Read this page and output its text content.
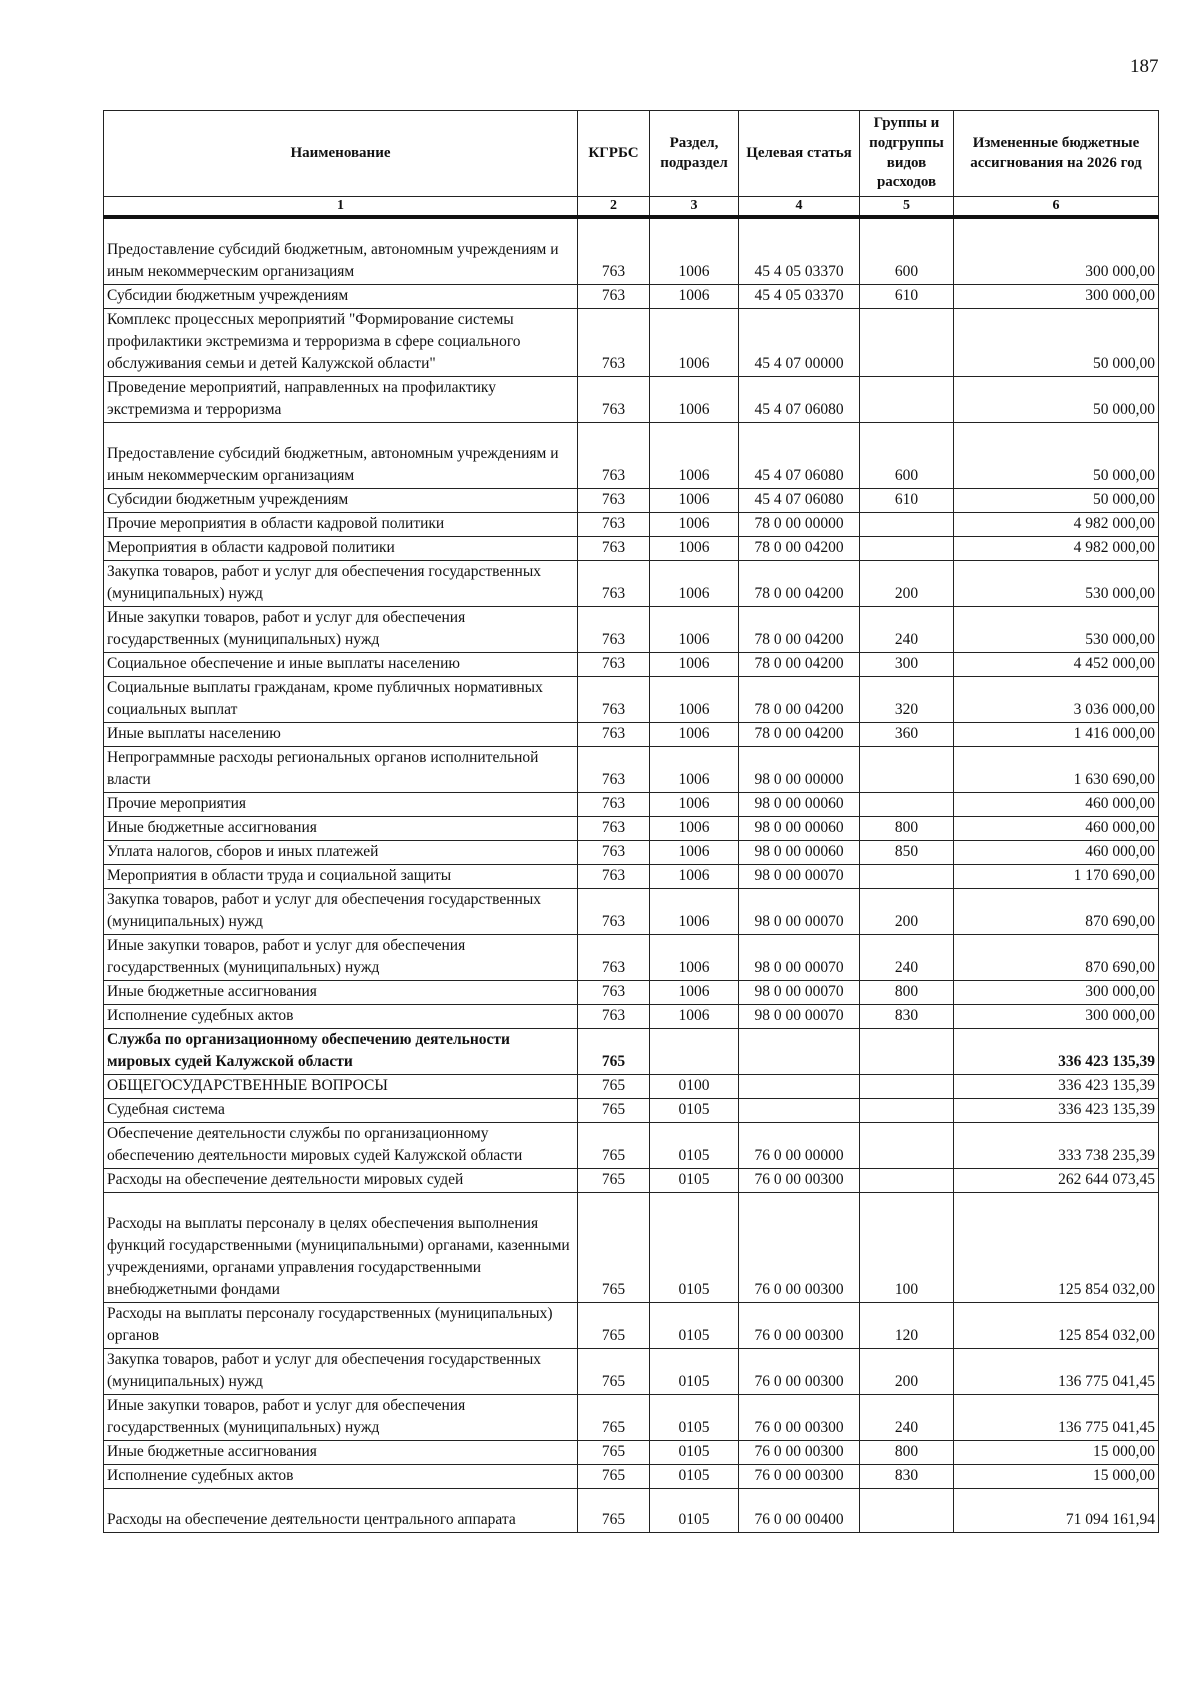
187
Наименование	КГРБС	Раздел, подраздел	Целевая статья	Группы и подгруппы видов расходов	Измененные бюджетные ассигнования на 2026 год
1	2	3	4	5	6

Предоставление субсидий бюджетным, автономным учреждениям и иным некоммерческим организациям	763	1006	45 4 05 03370	600	300 000,00
Субсидии бюджетным учреждениям	763	1006	45 4 05 03370	610	300 000,00
Комплекс процессных мероприятий "Формирование системы профилактики экстремизма и терроризма в сфере социального обслуживания семьи и детей Калужской области"	763	1006	45 4 07 00000		50 000,00
Проведение мероприятий, направленных на профилактику экстремизма и терроризма	763	1006	45 4 07 06080		50 000,00

Предоставление субсидий бюджетным, автономным учреждениям и иным некоммерческим организациям	763	1006	45 4 07 06080	600	50 000,00
Субсидии бюджетным учреждениям	763	1006	45 4 07 06080	610	50 000,00
Прочие мероприятия в области кадровой политики	763	1006	78 0 00 00000		4 982 000,00
Мероприятия в области кадровой политики	763	1006	78 0 00 04200		4 982 000,00
Закупка товаров, работ и услуг для обеспечения государственных (муниципальных) нужд	763	1006	78 0 00 04200	200	530 000,00
Иные закупки товаров, работ и услуг для обеспечения государственных (муниципальных) нужд	763	1006	78 0 00 04200	240	530 000,00
Социальное обеспечение и иные выплаты населению	763	1006	78 0 00 04200	300	4 452 000,00
Социальные выплаты гражданам, кроме публичных нормативных социальных выплат	763	1006	78 0 00 04200	320	3 036 000,00
Иные выплаты населению	763	1006	78 0 00 04200	360	1 416 000,00
Непрограммные расходы региональных органов исполнительной власти	763	1006	98 0 00 00000		1 630 690,00
Прочие мероприятия	763	1006	98 0 00 00060		460 000,00
Иные бюджетные ассигнования	763	1006	98 0 00 00060	800	460 000,00
Уплата налогов, сборов и иных платежей	763	1006	98 0 00 00060	850	460 000,00
Мероприятия в области труда и социальной защиты	763	1006	98 0 00 00070		1 170 690,00
Закупка товаров, работ и услуг для обеспечения государственных (муниципальных) нужд	763	1006	98 0 00 00070	200	870 690,00
Иные закупки товаров, работ и услуг для обеспечения государственных (муниципальных) нужд	763	1006	98 0 00 00070	240	870 690,00
Иные бюджетные ассигнования	763	1006	98 0 00 00070	800	300 000,00
Исполнение судебных актов	763	1006	98 0 00 00070	830	300 000,00
Служба по организационному обеспечению деятельности мировых судей Калужской области	765				336 423 135,39
ОБЩЕГОСУДАРСТВЕННЫЕ ВОПРОСЫ	765	0100			336 423 135,39
Судебная система	765	0105			336 423 135,39
Обеспечение деятельности службы по организационному обеспечению деятельности мировых судей Калужской области	765	0105	76 0 00 00000		333 738 235,39
Расходы на обеспечение деятельности мировых судей	765	0105	76 0 00 00300		262 644 073,45

Расходы на выплаты персоналу в целях обеспечения выполнения функций государственными (муниципальными) органами, казенными учреждениями, органами управления государственными внебюджетными фондами	765	0105	76 0 00 00300	100	125 854 032,00
Расходы на выплаты персоналу государственных (муниципальных) органов	765	0105	76 0 00 00300	120	125 854 032,00
Закупка товаров, работ и услуг для обеспечения государственных (муниципальных) нужд	765	0105	76 0 00 00300	200	136 775 041,45
Иные закупки товаров, работ и услуг для обеспечения государственных (муниципальных) нужд	765	0105	76 0 00 00300	240	136 775 041,45
Иные бюджетные ассигнования	765	0105	76 0 00 00300	800	15 000,00
Исполнение судебных актов	765	0105	76 0 00 00300	830	15 000,00

Расходы на обеспечение деятельности центрального аппарата	765	0105	76 0 00 00400		71 094 161,94
